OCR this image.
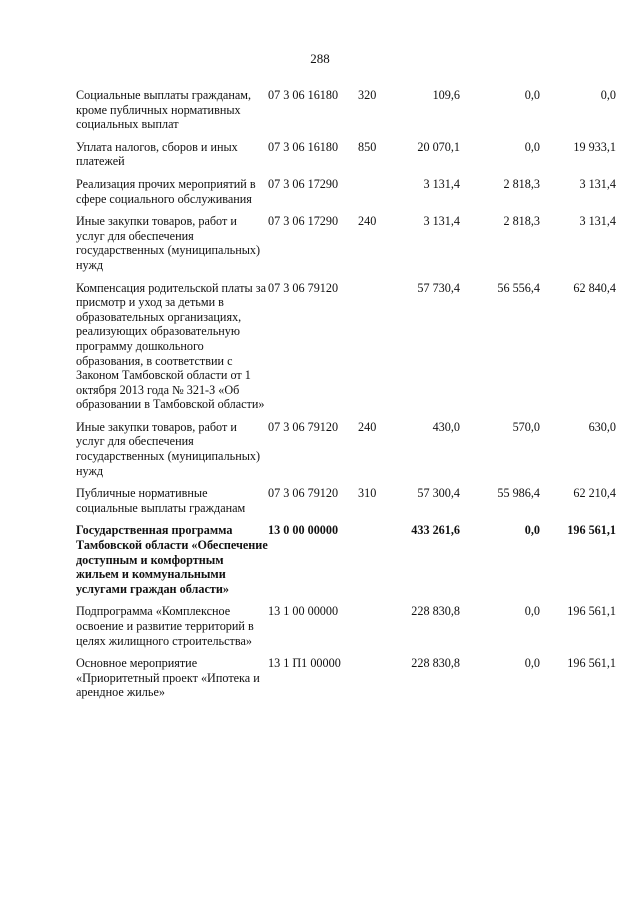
288
Социальные выплаты гражданам, кроме публичных нормативных социальных выплат	07 3 06 16180	320	109,6	0,0	0,0
Уплата налогов, сборов и иных платежей	07 3 06 16180	850	20 070,1	0,0	19 933,1
Реализация прочих мероприятий в сфере социального обслуживания	07 3 06 17290		3 131,4	2 818,3	3 131,4
Иные закупки товаров, работ и услуг для обеспечения государственных (муниципальных) нужд	07 3 06 17290	240	3 131,4	2 818,3	3 131,4
Компенсация родительской платы за присмотр и уход за детьми в образовательных организациях, реализующих образовательную программу дошкольного образования, в соответствии с Законом Тамбовской области от 1 октября 2013 года № 321-З «Об образовании в Тамбовской области»	07 3 06 79120		57 730,4	56 556,4	62 840,4
Иные закупки товаров, работ и услуг для обеспечения государственных (муниципальных) нужд	07 3 06 79120	240	430,0	570,0	630,0
Публичные нормативные социальные выплаты гражданам	07 3 06 79120	310	57 300,4	55 986,4	62 210,4
Государственная программа Тамбовской области «Обеспечение доступным и комфортным жильем и коммунальными услугами граждан области»	13 0 00 00000		433 261,6	0,0	196 561,1
Подпрограмма «Комплексное освоение и развитие территорий в целях жилищного строительства»	13 1 00 00000		228 830,8	0,0	196 561,1
Основное мероприятие «Приоритетный проект «Ипотека и арендное жилье»	13 1 П1 00000		228 830,8	0,0	196 561,1
